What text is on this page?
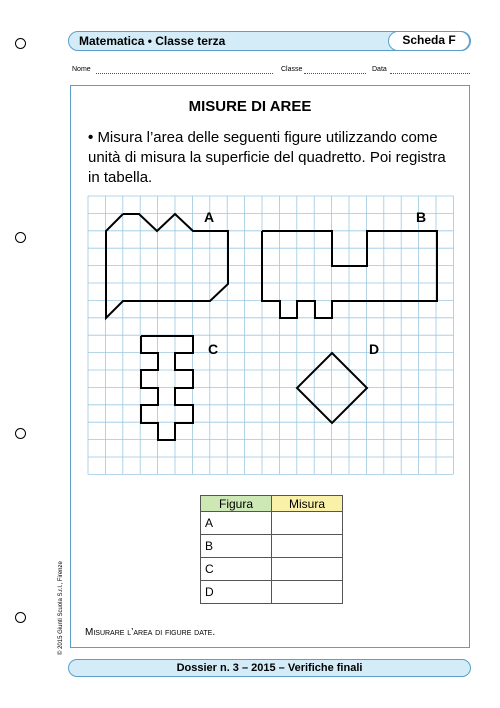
Matematica • Classe terza	Scheda F
Nome	Classe	Data
MISURE DI AREE
• Misura l’area delle seguenti figure utilizzando come unità di misura la superficie del quadretto. Poi registra in tabella.
A	B
C	D
Figura	Misura
A	
B	
C	
D	
Misurare l’area di figure date.
© 2015 Giunti Scuola S.r.l., Firenze
Dossier n. 3 – 2015 – Verifiche finali
